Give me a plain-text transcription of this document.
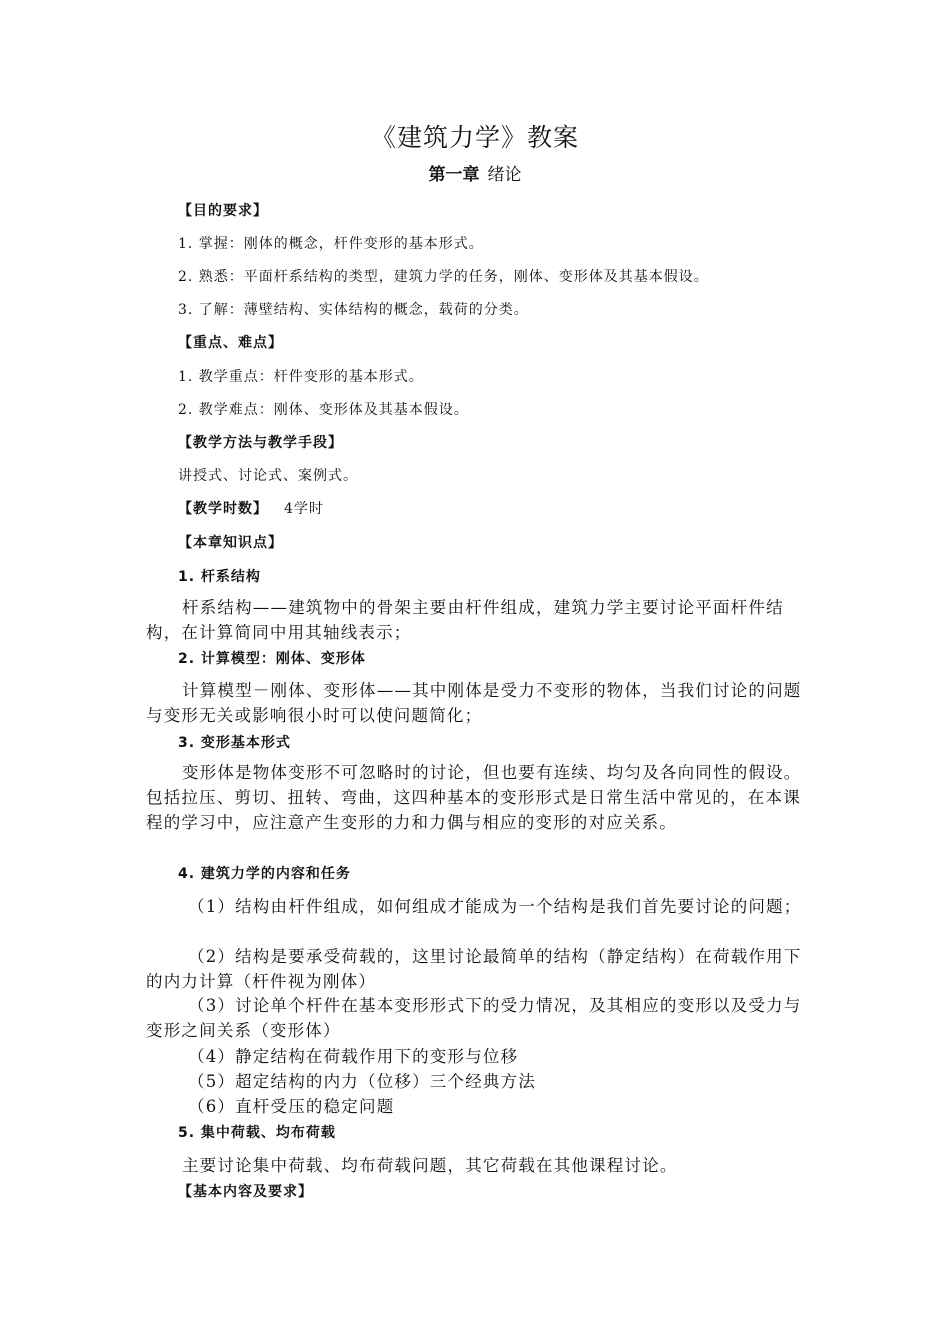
《建筑力学》教案
第一章 绪论
【目的要求】
1. 掌握：刚体的概念，杆件变形的基本形式。
2. 熟悉：平面杆系结构的类型，建筑力学的任务，刚体、变形体及其基本假设。
3. 了解：薄壁结构、实体结构的概念，载荷的分类。
【重点、难点】
1. 教学重点：杆件变形的基本形式。
2. 教学难点：刚体、变形体及其基本假设。
【教学方法与教学手段】
讲授式、讨论式、案例式。
【教学时数】 4学时
【本章知识点】
1. 杆系结构

杆系结构——建筑物中的骨架主要由杆件组成，建筑力学主要讨论平面杆件结构，在计算简同中用其轴线表示；

2. 计算模型：刚体、变形体

计算模型－刚体、变形体——其中刚体是受力不变形的物体，当我们讨论的问题与变形无关或影响很小时可以使问题简化；

3. 变形基本形式

变形体是物体变形不可忽略时的讨论，但也要有连续、均匀及各向同性的假设。包括拉压、剪切、扭转、弯曲，这四种基本的变形形式是日常生活中常见的，在本课程的学习中，应注意产生变形的力和力偶与相应的变形的对应关系。

4. 建筑力学的内容和任务

（1）结构由杆件组成，如何组成才能成为一个结构是我们首先要讨论的问题；

（2）结构是要承受荷载的，这里讨论最简单的结构（静定结构）在荷载作用下的内力计算（杆件视为刚体）

（3）讨论单个杆件在基本变形形式下的受力情况，及其相应的变形以及受力与变形之间关系（变形体）

（4）静定结构在荷载作用下的变形与位移
（5）超定结构的内力（位移）三个经典方法
（6）直杆受压的稳定问题
5. 集中荷载、均布荷载
主要讨论集中荷载、均布荷载问题，其它荷载在其他课程讨论。
【基本内容及要求】
